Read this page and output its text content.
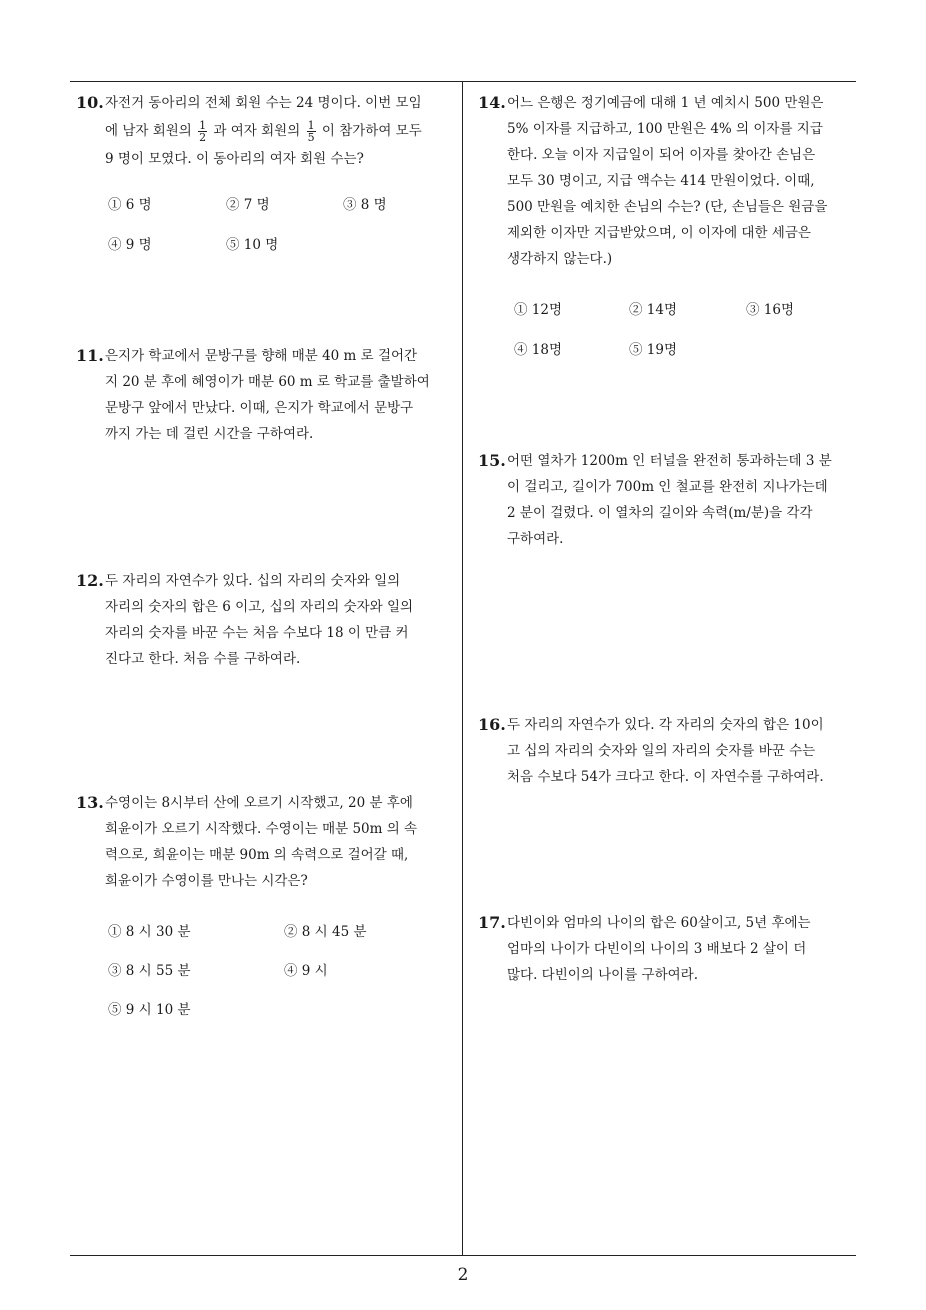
10. 자전거 동아리의 전체 회원 수는 24 명이다. 이번 모임
에 남자 회원의 $\frac{1}{2}$ 과 여자 회원의 $\frac{1}{5}$ 이 참가하여 모두
9 명이 모였다. 이 동아리의 여자 회원 수는?
① 6 명	② 7 명	③ 8 명
④ 9 명	⑤ 10 명
11. 은지가 학교에서 문방구를 향해 매분 40 m 로 걸어간
지 20 분 후에 혜영이가 매분 60 m 로 학교를 출발하여
문방구 앞에서 만났다. 이때, 은지가 학교에서 문방구
까지 가는 데 걸린 시간을 구하여라.
12. 두 자리의 자연수가 있다. 십의 자리의 숫자와 일의
자리의 숫자의 합은 6 이고, 십의 자리의 숫자와 일의
자리의 숫자를 바꾼 수는 처음 수보다 18 이 만큼 커
진다고 한다. 처음 수를 구하여라.
13. 수영이는 8시부터 산에 오르기 시작했고, 20 분 후에
희윤이가 오르기 시작했다. 수영이는 매분 50m 의 속
력으로, 희윤이는 매분 90m 의 속력으로 걸어갈 때,
희윤이가 수영이를 만나는 시각은?
① 8 시 30 분	② 8 시 45 분
③ 8 시 55 분	④ 9 시
⑤ 9 시 10 분
14. 어느 은행은 정기예금에 대해 1 년 예치시 500 만원은
5% 이자를 지급하고, 100 만원은 4% 의 이자를 지급
한다. 오늘 이자 지급일이 되어 이자를 찾아간 손님은
모두 30 명이고, 지급 액수는 414 만원이었다. 이때,
500 만원을 예치한 손님의 수는? (단, 손님들은 원금을
제외한 이자만 지급받았으며, 이 이자에 대한 세금은
생각하지 않는다.)
① 12명	② 14명	③ 16명
④ 18명	⑤ 19명
15. 어떤 열차가 1200m 인 터널을 완전히 통과하는데 3 분
이 걸리고, 길이가 700m 인 철교를 완전히 지나가는데
2 분이 걸렸다. 이 열차의 길이와 속력(m/분)을 각각
구하여라.
16. 두 자리의 자연수가 있다. 각 자리의 숫자의 합은 10이
고 십의 자리의 숫자와 일의 자리의 숫자를 바꾼 수는
처음 수보다 54가 크다고 한다. 이 자연수를 구하여라.
17. 다빈이와 엄마의 나이의 합은 60살이고, 5년 후에는
엄마의 나이가 다빈이의 나이의 3 배보다 2 살이 더
많다. 다빈이의 나이를 구하여라.
2
